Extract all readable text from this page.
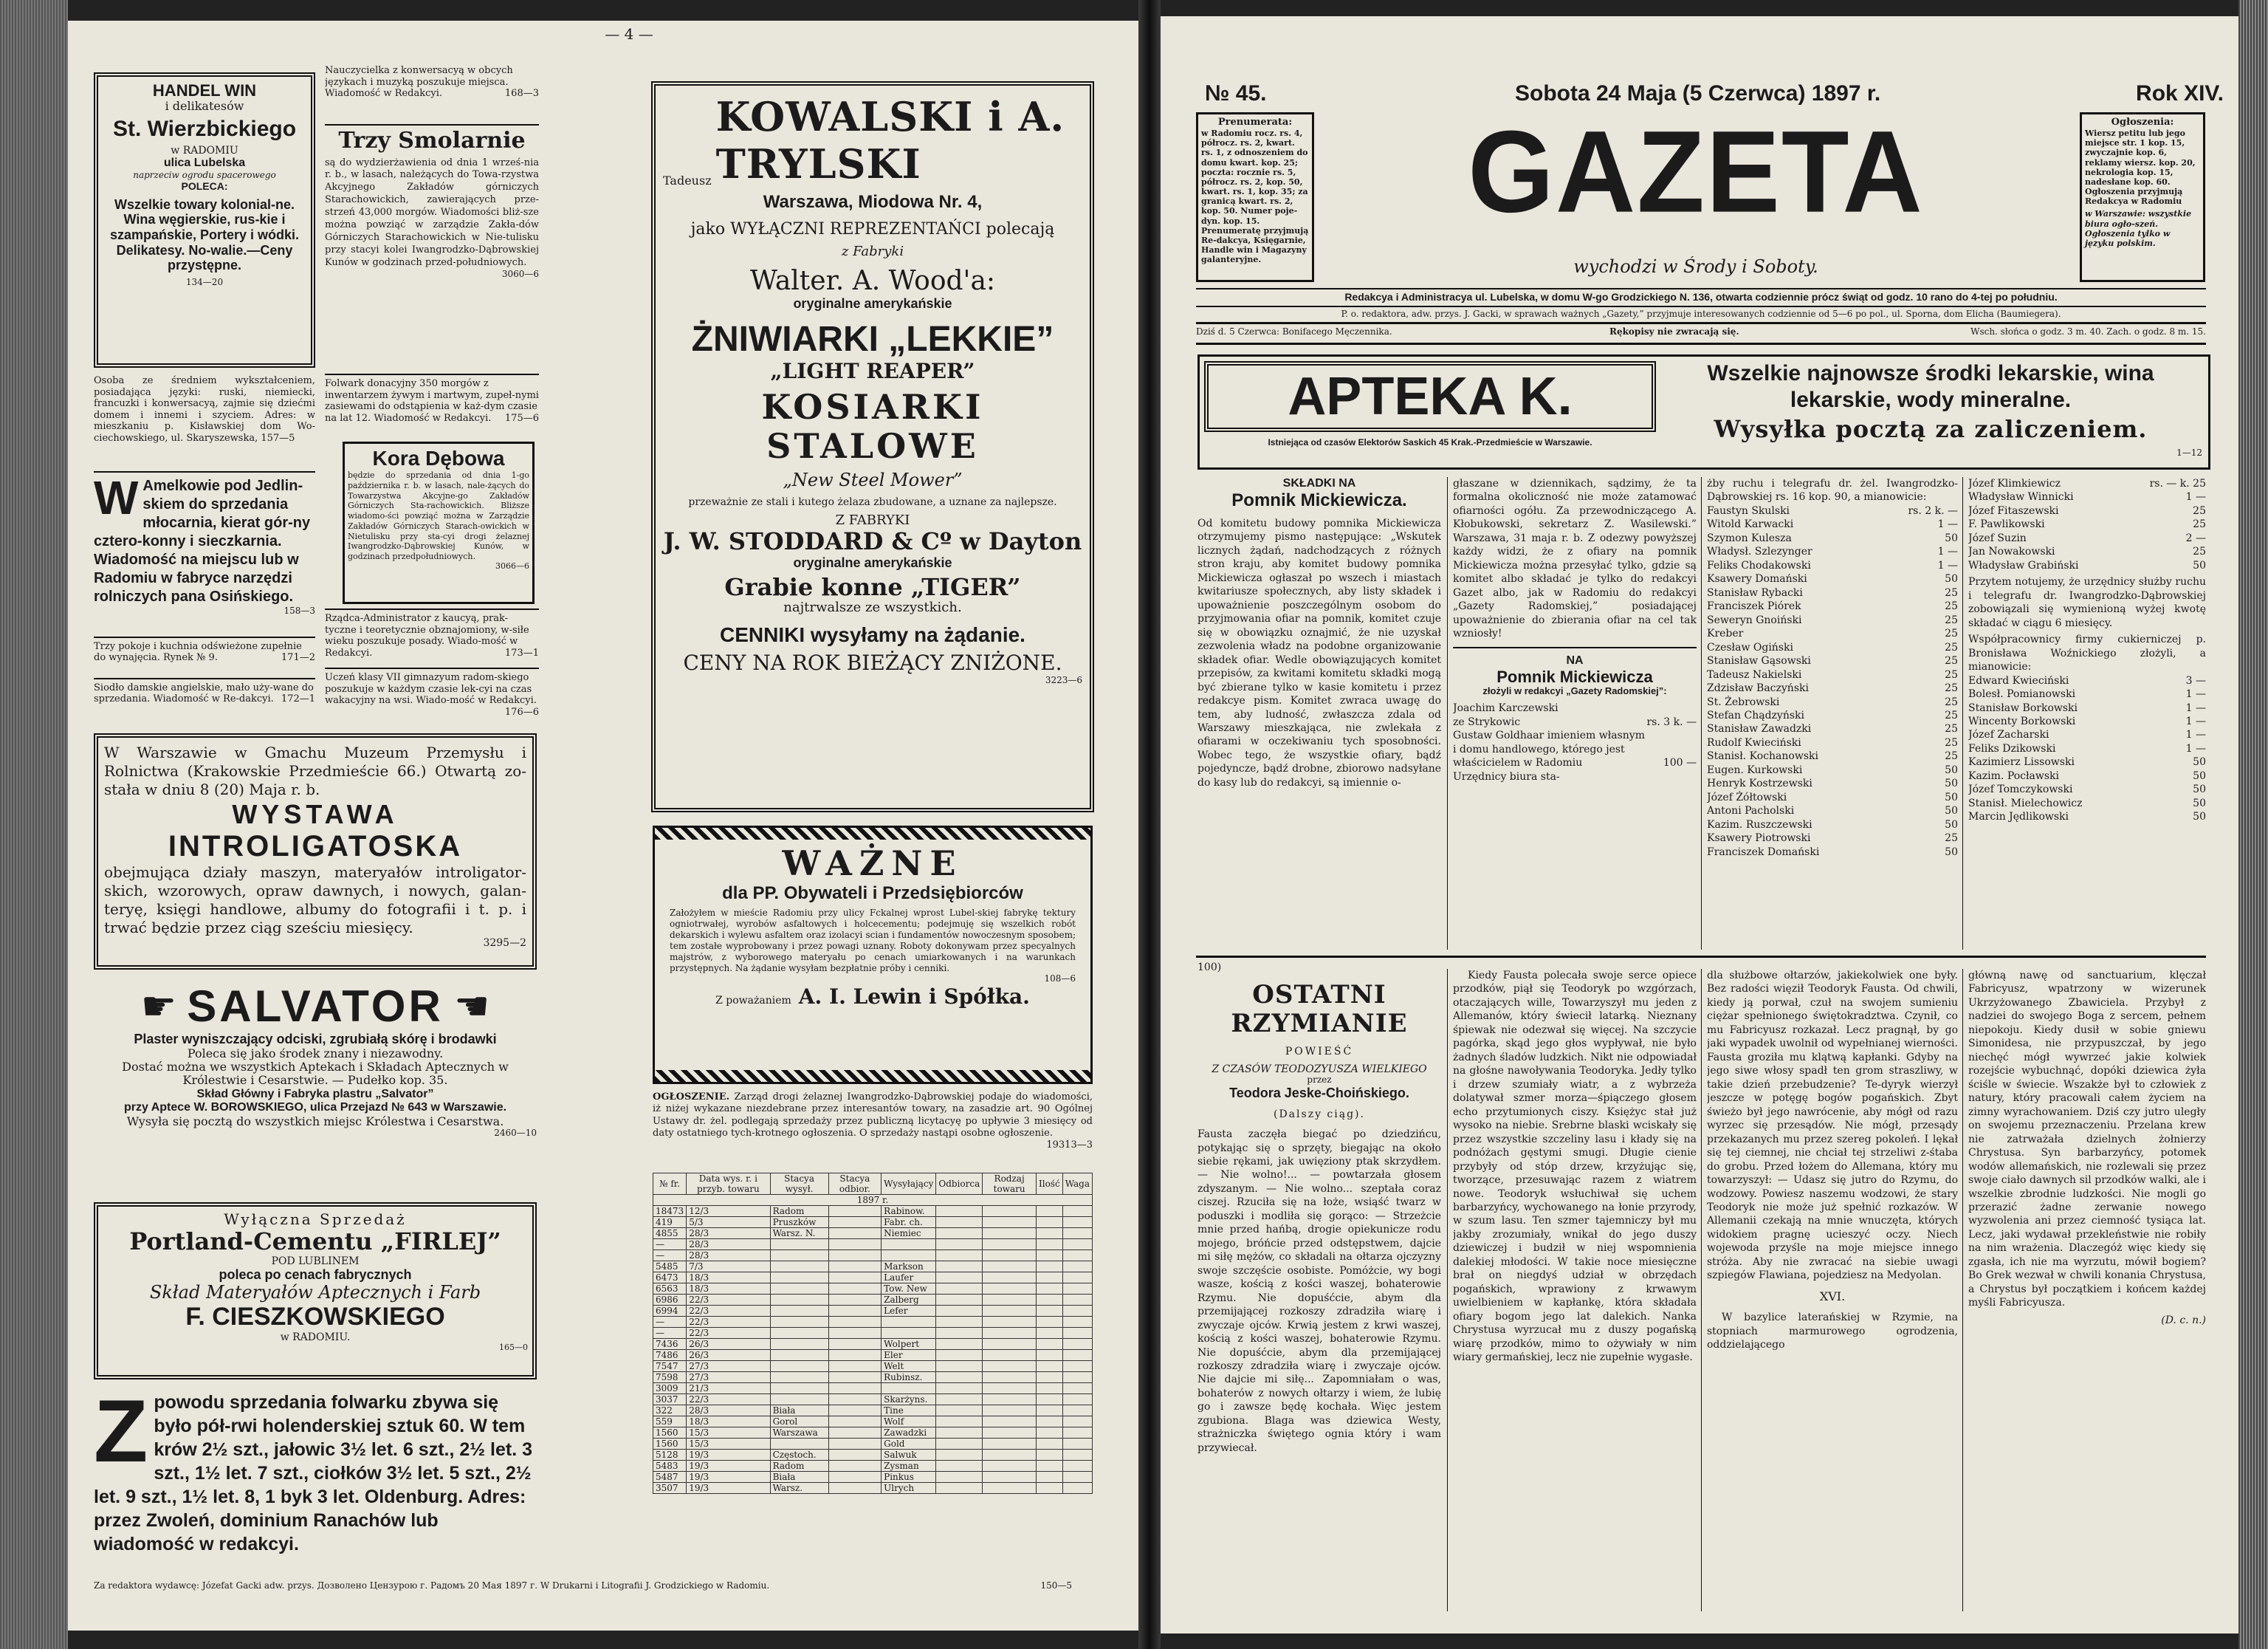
— 4 —

HANDEL WIN

i delikatesów

St. Wierzbickiego

w RADOMIU

ulica Lubelska

naprzeciw ogrodu spacerowego

POLECA:

Wszelkie towary kolonial-ne. Wina węgierskie, rus-kie i szampańskie, Portery i wódki. Delikatesy. No-walie.—Ceny przystępne.

134—20

Osoba ze średniem wykształceniem, posiadająca języki: ruski, niemiecki, francuzki i konwersacyą, zajmie się dziećmi domem i innemi i szyciem. Adres: w mieszkaniu p. Kisławskiej dom Wo-ciechowskiego, ul. Skaryszewska, 157—5
W Amelkowie pod Jedlin-skiem do sprzedania młocarnia, kierat gór-ny cztero-konny i sieczkarnia. Wiadomość na miejscu lub w Radomiu w fabryce narzędzi rolniczych pana Osińskiego.

158—3

Trzy pokoje i kuchnia odświeżone zupełnie do wynajęcia. Rynek № 9.	171—2
Siodło damskie angielskie, mało uży-wane do sprzedania. Wiadomość w Re-dakcyi. 172—1
Nauczycielka z konwersacyą w obcych językach i muzyką poszukuje miejsca. Wiadomość w Redakcyi.	168—3

Trzy Smolarnie

są do wydzierżawienia od dnia 1 wrześ-nia r. b., w lasach, należących do Towa-rzystwa Akcyjnego Zakładów górniczych Starachowickich, zawierających prze-strzeń 43,000 morgów. Wiadomości bliż-sze można powziąć w zarządzie Zakła-dów Górniczych Starachowickich w Nie-tulisku przy stacyi kolei Iwangrodzko-Dąbrowskiej Kunów w godzinach przed-południowych.

3060—6

Folwark donacyjny 350 morgów z inwentarzem żywym i martwym, zupeł-nymi zasiewami do odstąpienia w każ-dym czasie na lat 12. Wiadomość w Redakcyi. 175—6

Kora Dębowa

będzie do sprzedania od dnia 1-go października r. b. w lasach, nale-żących do Towarzystwa Akcyjne-go Zakładów Górniczych Sta-rachowickich. Bliższe wiadomo-ści powziąć można w Zarządzie Zakładów Górniczych Starach-owickich w Nietulisku przy sta-cyi drogi żelaznej Iwangrodzko-Dąbrowskiej Kunów, w godzinach przedpołudniowych.

3066—6

Rządca-Administrator z kaucyą, prak-tyczne i teoretycznie obznajomiony, w-siłe wieku poszukuje posady. Wiado-mość w Redakcyi.	173—1
Uczeń klasy VII gimnazyum radom-skiego poszukuje w każdym czasie lek-cyi na czas wakacyjny na wsi. Wiado-mość w Redakcyi.
176—6

W Warszawie w Gmachu Muzeum Przemysłu i Rolnictwa (Krakowskie Przedmieście 66.) Otwartą zo-stała w dniu 8 (20) Maja r. b.

WYSTAWA

INTROLIGATOSKA

obejmująca działy maszyn, materyałów introligator-skich, wzorowych, opraw dawnych, i nowych, galan-teryę, księgi handlowe, albumy do fotografii i t. p. i trwać będzie przez ciąg sześciu miesięcy.

3295—2

☛ SALVATOR ☛

Plaster wyniszczający odciski, zgrubiałą skórę i brodawki

Poleca się jako środek znany i niezawodny.

Dostać można we wszystkich Aptekach i Składach Aptecznych w Królestwie i Cesarstwie. — Pudełko kop. 35.

Skład Główny i Fabryka plastru „Salvator”

przy Aptece W. BOROWSKIEGO, ulica Przejazd № 643 w Warszawie.

Wysyła się pocztą do wszystkich miejsc Królestwa i Cesarstwa.

2460—10

Wyłączna Sprzedaż

Portland-Cementu „FIRLEJ”

POD LUBLINEM

poleca po cenach fabrycznych

Skład Materyałów Aptecznych i Farb

F. CIESZKOWSKIEGO

w RADOMIU.

165—0

Z powodu sprzedania folwarku zbywa się było pół-rwi holenderskiej sztuk 60. W tem krów 2½ szt., jałowic 3½ let. 6 szt., 2½ let. 3 szt., 1½ let. 7 szt., ciołków 3½ let. 5 szt., 2½ let. 9 szt., 1½ let. 8, 1 byk 3 let. Oldenburg. Adres: przez Zwoleń, dominium Ranachów lub wiadomość w redakcyi.

Za redaktora wydawcę: Józefat Gacki adw. przys. Дозволено Цензурою г. Радомъ 20 Мая 1897 г. W Drukarni i Litografii J. Grodzickiego w Radomiu.	150—5
Tadeusz
KOWALSKI i A. TRYLSKI

Warszawa, Miodowa Nr. 4,

jako WYŁĄCZNI REPREZENTAŃCI polecają

z Fabryki

Walter. A. Wood'a:

oryginalne amerykańskie

ŻNIWIARKI „LEKKIE”

„LIGHT REAPER”

KOSIARKI STALOWE

„New Steel Mower”

przeważnie ze stali i kutego żelaza zbudowane, a uznane za najlepsze.

Z FABRYKI

J. W. STODDARD & Cº w Dayton

oryginalne amerykańskie

Grabie konne „TIGER”

najtrwalsze ze wszystkich.

CENNIKI wysyłamy na żądanie.

CENY NA ROK BIEŻĄCY ZNIŻONE.

3223—6

WAŻNE

dla PP. Obywateli i Przedsiębiorców

Założyłem w mieście Radomiu przy ulicy Fckalnej wprost Lubel-skiej fabrykę tektury ogniotrwałej, wyrobów asfaltowych i holcecementu; podejmuję się wszelkich robót dekarskich i wylewu asfaltem oraz izolacyi scian i fundamentów nowoczesnym sposobem; tem zostałe wyprobowany i przez powagi uznany. Roboty dokonywam przez specyalnych majstrów, z wyborowego materyału po cenach umiarkowanych i na warunkach przystępnych. Na żądanie wysyłam bezpłatnie próby i cenniki.

108—6

Z poważaniem A. I. Lewin i Spółka.
OGŁOSZENIE. Zarząd drogi żelaznej Iwangrodzko-Dąbrowskiej podaje do wiadomości, iż niżej wykazane niezdebrane przez interesantów towary, na zasadzie art. 90 Ogólnej Ustawy dr. żel. podlegają sprzedaży przez publiczną licytacyę po upływie 3 miesięcy od daty ostatniego tych-krotnego ogłoszenia. O sprzedaży nastąpi osobne ogłoszenie.
19313—3
№ fr.	Data wys. r. i przyb. towaru	Stacya wysył.	Stacya odbior.	Wysyłający	Odbiorca	Rodzaj towaru	Ilość	Waga
1897 r.								
18473	12/3	Radom		Rabinow.				
419	5/3	Pruszków		Fabr. ch.				
4855	28/3	Warsz. N.		Niemiec				
—	28/3							
—	28/3							
5485	7/3			Markson				
6473	18/3			Laufer				
6563	18/3			Tow. New				
6986	22/3			Zalberg				
6994	22/3			Lefer				
—	22/3							
—	22/3							
7436	26/3			Wolpert				
7486	26/3			Eler				
7547	27/3			Welt				
7598	27/3			Rubinsz.				
3009	21/3							
3037	22/3			Skarżyns.				
322	28/3	Biała		Tine				
559	18/3	Gorol		Wolf				
1560	15/3	Warszawa		Zawadzki				
1560	15/3			Gold				
5128	19/3	Częstoch.		Salwuk				
5483	19/3	Radom		Zysman				
5487	19/3	Biała		Pinkus				
3507	19/3	Warsz.		Ulrych				
№ 45.	Sobota 24 Maja (5 Czerwca) 1897 r.	Rok XIV.

Prenumerata:

w Radomiu rocz. rs. 4, półrocz. rs. 2, kwart. rs. 1, z odnoszeniem do domu kwart. kop. 25; poczta: rocznie rs. 5, półrocz. rs. 2, kop. 50, kwart. rs. 1, kop. 35; za granicą kwart. rs. 2, kop. 50. Numer poje-dyn. kop. 15. Prenumeratę przyjmują Re-dakcya, Księgarnie, Handle win i Magazyny galanteryjne.

GAZETA
wychodzi w Środy i Soboty.

Ogłoszenia:

Wiersz petitu lub jego miejsce str. 1 kop. 15, zwyczajnie kop. 6, reklamy wiersz. kop. 20, nekrologia kop. 15, nadesłane kop. 60. Ogłoszenia przyjmują Redakcya w Radomiu

w Warszawie: wszystkie biura ogło-szeń. Ogłoszenia tylko w języku polskim.

Redakcya i Administracya ul. Lubelska, w domu W-go Grodzickiego N. 136, otwarta codziennie prócz świąt od godz. 10 rano do 4-tej po południu.
P. o. redaktora, adw. przys. J. Gacki, w sprawach ważnych „Gazety,” przyjmuje interesowanych codziennie od 5—6 po pol., ul. Sporna, dom Elicha (Baumiegera).
Dziś d. 5 Czerwca: Bonifacego Męczennika.	Rękopisy nie zwracają się.	Wsch. słońca o godz. 3 m. 40. Zach. o godz. 8 m. 15.

APTEKA K.

Istniejąca od czasów Elektorów Saskich 45 Krak.-Przedmieście w Warszawie.

Wszelkie najnowsze środki lekarskie, wina

lekarskie, wody mineralne.

Wysyłka pocztą za zaliczeniem.

1—12

SKŁADKI NA

Pomnik Mickiewicza.

Od komitetu budowy pomnika Mickiewicza otrzymujemy pismo następujące: „Wskutek licznych żądań, nadchodzących z różnych stron kraju, aby komitet budowy pomnika Mickiewicza ogłaszał po wszech i miastach kwitariusze społecznych, aby listy składek i upoważnienie poszczególnym osobom do przyjmowania ofiar na pomnik, komitet czuje się w obowiązku oznajmić, że nie uzyskał zezwolenia władz na podobne organizowanie składek ofiar. Wedle obowiązujących komitet przepisów, za kwitami komitetu składki mogą być zbierane tylko w kasie komitetu i przez redakcye pism. Komitet zwraca uwagę do tem, aby ludność, zwłaszcza zdala od Warszawy mieszkająca, nie zwlekała z ofiarami w oczekiwaniu tych sposobności. Wobec tego, że wszystkie ofiary, bądź pojedyncze, bądź drobne, zbiorowo nadsyłane do kasy lub do redakcyi, są imiennie o-

głaszane w dziennikach, sądzimy, że ta formalna okoliczność nie może zatamować ofiarności ogółu. Za przewodniczącego A. Kłobukowski, sekretarz Z. Wasilewski.” Warszawa, 31 maja r. b. Z odezwy powyższej każdy widzi, że z ofiary na pomnik Mickiewicza można przesyłać tylko, gdzie są komitet albo składać je tylko do redakcyi Gazet albo, jak w Radomiu do redakcyi „Gazety Radomskiej,” posiadającej upoważnienie do zbierania ofiar na cel tak wzniosły!

NA

Pomnik Mickiewicza

złożyli w redakcyi „Gazety Radomskiej”:

Joachim Karczewski
ze Strykowic	rs. 3 k. —
Gustaw Goldhaar imieniem własnym
i domu handlowego, którego jest
właścicielem w Radomiu	100 —
Urzędnicy biura sta-

żby ruchu i telegrafu dr. żel. Iwangrodzko-Dąbrowskiej rs. 16 kop. 90, a mianowicie:

Faustyn Skulski	rs. 2 k. —
Witold Karwacki	1 —
Szymon Kulesza	50
Władysł. Szlezynger	1 —
Feliks Chodakowski	1 —
Ksawery Domański	50
Stanisław Rybacki	25
Franciszek Piórek	25
Seweryn Gnoiński	25
Kreber	25
Czesław Ogiński	25
Stanisław Gąsowski	25
Tadeusz Nakielski	25
Zdzisław Baczyński	25
St. Żebrowski	25
Stefan Chądzyński	25
Stanisław Zawadzki	25
Rudolf Kwieciński	25
Stanisł. Kochanowski	25
Eugen. Kurkowski	50
Henryk Kostrzewski	50
Józef Żółtowski	50
Antoni Pacholski	50
Kazim. Ruszczewski	50
Ksawery Piotrowski	25
Franciszek Domański	50
Józef Klimkiewicz	rs. — k. 25
Władysław Winnicki	1 —
Józef Fitaszewski	25
F. Pawlikowski	25
Józef Suzin	2 —
Jan Nowakowski	25
Władysław Grabiński	50

Przytem notujemy, że urzędnicy służby ruchu i telegrafu dr. Iwangrodzko-Dąbrowskiej zobowiązali się wymienioną wyżej kwotę składać w ciągu 6 miesięcy.

Współpracownicy firmy cukierniczej p. Bronisława Woźnickiego złożyli, a mianowicie:

Edward Kwieciński	3 —
Bolesł. Pomianowski	1 —
Stanisław Borkowski	1 —
Wincenty Borkowski	1 —
Józef Zacharski	1 —
Feliks Dzikowski	1 —
Kazimierz Lissowski	50
Kazim. Pocławski	50
Józef Tomczykowski	50
Stanisł. Mielechowicz	50
Marcin Jędlikowski	50

100)

OSTATNI RZYMIANIE

POWIEŚĆ

Z CZASÓW TEODOZYUSZA WIELKIEGO

przez

Teodora Jeske-Choińskiego.

(Dalszy ciąg).

Fausta zaczęła biegać po dziedzińcu, potykając się o sprzęty, biegając na około siebie rękami, jak uwięziony ptak skrzydłem. — Nie wolno!... — powtarzała głosem zdyszanym. — Nie wolno... szeptała coraz ciszej. Rzuciła się na łoże, wsiąść twarz w poduszki i modliła się gorąco: — Strzeżcie mnie przed hańbą, drogie opiekunicze rodu mojego, bróńcie przed odstępstwem, dajcie mi siłę mężów, co składali na ołtarza ojczyzny swoje szczęście osobiste. Pomóżcie, wy bogi wasze, kością z kości waszej, bohaterowie Rzymu. Nie dopuśćcie, abym dla przemijającej rozkoszy zdradziła wiarę i zwyczaje ojców. Krwią jestem z krwi waszej, kością z kości waszej, bohaterowie Rzymu. Nie dopuśćcie, abym dla przemijającej rozkoszy zdradziła wiarę i zwyczaje ojców. Nie dajcie mi siłę... Zapomniałam o was, bohaterów z nowych ołtarzy i wiem, że lubię go i zawsze będę kochała. Więc jestem zgubiona. Blaga was dziewica Westy, strażniczka świętego ognia który i wam przywiecał.

Kiedy Fausta polecała swoje serce opiece przodków, piął się Teodoryk po wzgórzach, otaczających wille, Towarzyszył mu jeden z Allemanów, który świecił latarką. Nieznany śpiewak nie odezwał się więcej. Na szczycie pagórka, skąd jego głos wypływał, nie było żadnych śladów ludzkich. Nikt nie odpowiadał na głośne nawoływania Teodoryka. Jedły tylko i drzew szumiały wiatr, a z wybrzeża dolatywał szmer morza—śpiączego głosem echo przytumionych ciszy. Księżyc stał już wysoko na niebie. Srebrne blaski wciskały się przez wszystkie szczeliny lasu i kłady się na podnóżach gęstymi smugi. Długie cienie przybyły od stóp drzew, krzyżując się, tworzące, przesuwając razem z wiatrem nowe. Teodoryk wsłuchiwał się uchem barbarzyńcy, wychowanego na łonie przyrody, w szum lasu. Ten szmer tajemniczy był mu jakby zrozumiały, wnikał do jego duszy dziewiczej i budził w niej wspomnienia dalekiej młodości. W takie noce miesięczne brał on niegdyś udział w obrzędach pogańskich, wprawiony z krwawym uwielbieniem w kapłankę, która składała ofiary bogom jego lat dalekich. Nanka Chrystusa wyrzucał mu z duszy pogańską wiarę przodków, mimo to ożywiały w nim wiary germańskiej, lecz nie zupełnie wygasłe.

dla służbowe ołtarzów, jakiekolwiek one były. Bez radości więził Teodoryk Fausta. Od chwili, kiedy ją porwał, czuł na swojem sumieniu ciężar spełnionego świętokradztwa. Czynił, co mu Fabricyusz rozkazał. Lecz pragnął, by go jaki wypadek uwolnił od wypełnianej wierności. Fausta groziła mu klątwą kapłanki. Gdyby na jego siwe włosy spadł ten grom straszliwy, w takie dzień przebudzenie? Te-dyryk wierzył jeszcze w potęgę bogów pogańskich. Zbyt świeżo był jego nawrócenie, aby mógł od razu wyrzec się przesądów. Nie mógł, przesądy przekazanych mu przez szereg pokoleń. I lękał się tej ciemnej, nie chciał tej strzeliwi z-śtaba do grobu. Przed łożem do Allemana, który mu towarzyszył: — Udasz się jutro do Rzymu, do wodzowy. Powiesz naszemu wodzowi, że stary Teodoryk nie może już spełnić rozkazów. W Allemanii czekają na mnie wnuczęta, których widokiem pragnę ucieszyć oczy. Niech wojewoda przyśle na moje miejsce innego stróża. Aby nie zwracać na siebie uwagi szpiegów Flawiana, pojedziesz na Medyolan.

XVI.

W bazylice laterańskiej w Rzymie, na stopniach marmurowego ogrodzenia, oddzielającego

główną nawę od sanctuarium, klęczał Fabricyusz, wpatrzony w wizerunek Ukrzyżowanego Zbawiciela. Przybył z nadziei do swojego Boga z sercem, pełnem niepokoju. Kiedy dusił w sobie gniewu Simonidesa, nie przypuszczał, by jego niechęć mógł wywrzeć jakie kolwiek rozejście wybuchnąć, dopóki dziewica żyła ściśle w świecie. Wszakże był to człowiek z natury, który pracowali całem życiem na zimny wyrachowaniem. Dziś czy jutro uległy on swojemu przeznaczeniu. Przelana krew nie zatrważała dzielnych żołnierzy Chrystusa. Syn barbarzyńcy, potomek wodów allemańskich, nie rozlewali się przez swoje ciało dawnych sil przodków walki, ale i wszelkie zbrodnie ludzkości. Nie mogli go przerazić żadne zerwanie nowego wyzwolenia ani przez ciemność tysiąca lat. Lecz, jaki wydawał przekleństwie nie robiły na nim wrażenia. Dlaczegóż więc kiedy się zgasła, ich nie ma wyrzutu, mówił bogiem? Bo Grek wezwał w chwili konania Chrystusa, a Chrystus był początkiem i końcem każdej myśli Fabricyusza.

(D. c. n.)
